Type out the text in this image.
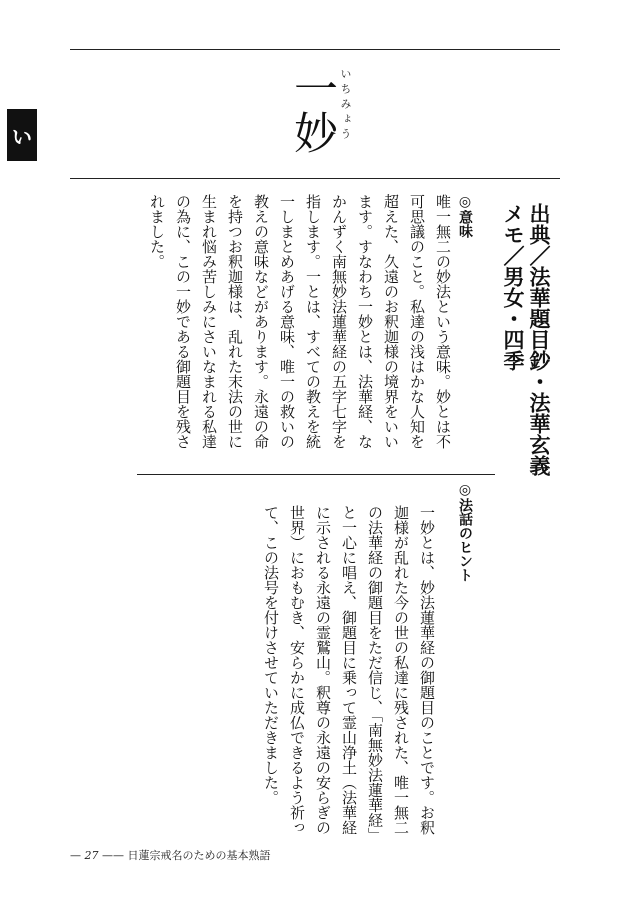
い	一妙 いちみょう
出典／法華題目鈔・法華玄義
メモ／男女・四季
◎意味
唯一無二の妙法という意味。妙とは不可思議のこと。私達の浅はかな人知を超えた、久遠のお釈迦様の境界をいいます。すなわち一妙とは、法華経、なかんずく南無妙法蓮華経の五字七字を指します。一とは、すべての教えを統一しまとめあげる意味、唯一の救いの教えの意味などがあります。永遠の命を持つお釈迦様は、乱れた末法の世に生まれ悩み苦しみにさいなまれる私達の為に、この一妙である御題目を残されました。
◎法話のヒント
一妙とは、妙法蓮華経の御題目のことです。お釈迦様が乱れた今の世の私達に残された、唯一無二の法華経の御題目をただ信じ、「南無妙法蓮華経」と一心に唱え、御題目に乗って霊山浄土（法華経に示される永遠の霊鷲山。釈尊の永遠の安らぎの世界）におもむき、安らかに成仏できるよう祈って、この法号を付けさせていただきました。
— 27 —— 日蓮宗戒名のための基本熟語
